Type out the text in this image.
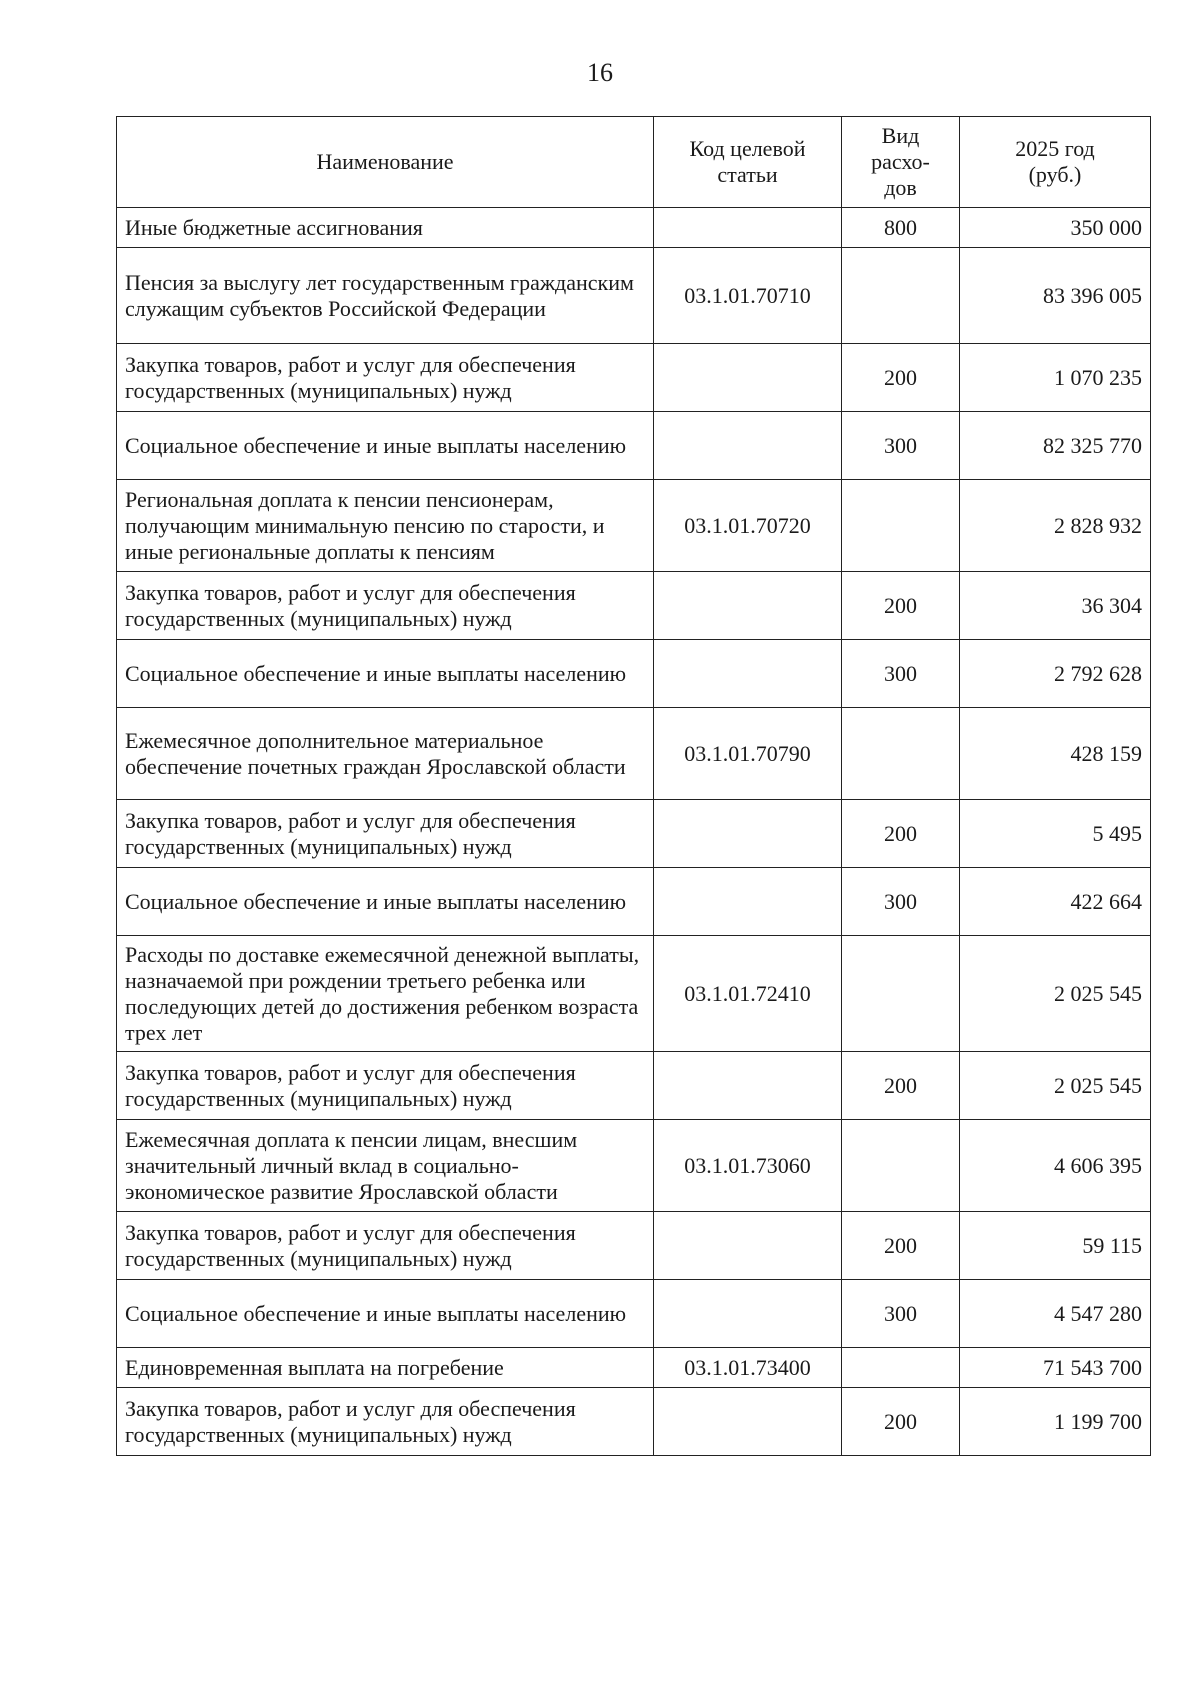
16
Наименование	Код целевой статьи	Вид расхо-дов	2025 год (руб.)
Иные бюджетные ассигнования		800	350 000
Пенсия за выслугу лет государственным гражданским служащим субъектов Российской Федерации	03.1.01.70710		83 396 005
Закупка товаров, работ и услуг для обеспечения государственных (муниципальных) нужд		200	1 070 235
Социальное обеспечение и иные выплаты населению		300	82 325 770
Региональная доплата к пенсии пенсионерам, получающим минимальную пенсию по старости, и иные региональные доплаты к пенсиям	03.1.01.70720		2 828 932
Закупка товаров, работ и услуг для обеспечения государственных (муниципальных) нужд		200	36 304
Социальное обеспечение и иные выплаты населению		300	2 792 628
Ежемесячное дополнительное материальное обеспечение почетных граждан Ярославской области	03.1.01.70790		428 159
Закупка товаров, работ и услуг для обеспечения государственных (муниципальных) нужд		200	5 495
Социальное обеспечение и иные выплаты населению		300	422 664
Расходы по доставке ежемесячной денежной выплаты, назначаемой при рождении третьего ребенка или последующих детей до достижения ребенком возраста трех лет	03.1.01.72410		2 025 545
Закупка товаров, работ и услуг для обеспечения государственных (муниципальных) нужд		200	2 025 545
Ежемесячная доплата к пенсии лицам, внесшим значительный личный вклад в социально-экономическое развитие Ярославской области	03.1.01.73060		4 606 395
Закупка товаров, работ и услуг для обеспечения государственных (муниципальных) нужд		200	59 115
Социальное обеспечение и иные выплаты населению		300	4 547 280
Единовременная выплата на погребение	03.1.01.73400		71 543 700
Закупка товаров, работ и услуг для обеспечения государственных (муниципальных) нужд		200	1 199 700
